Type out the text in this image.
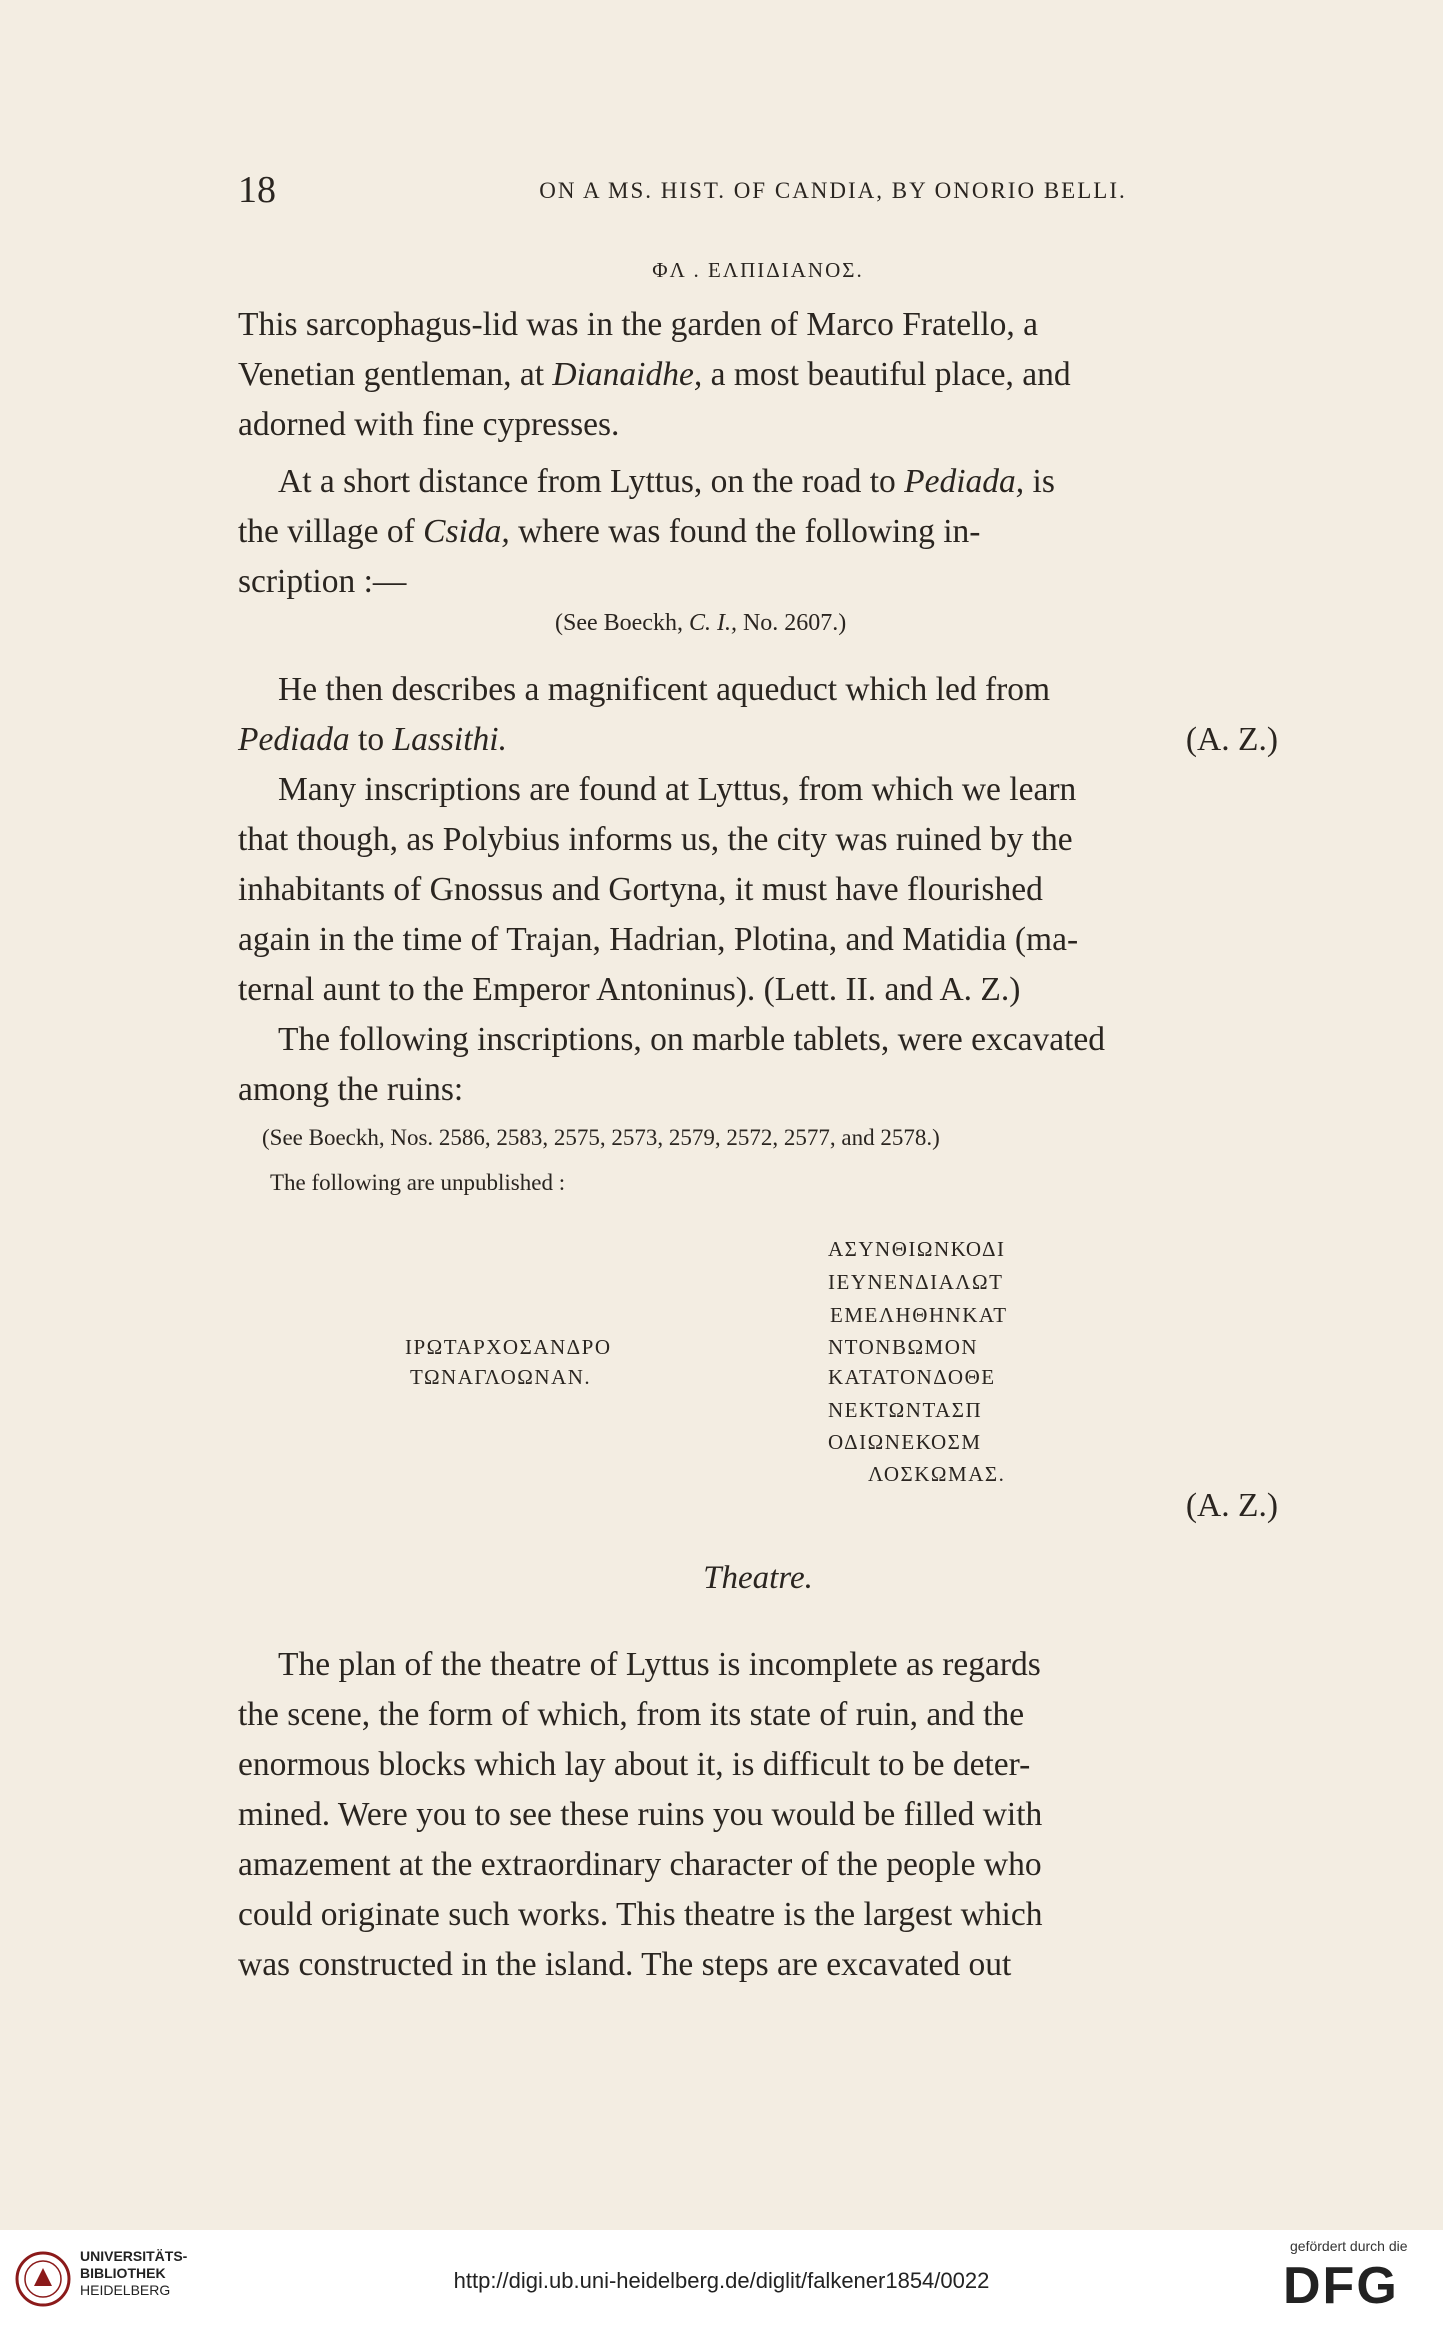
18	ON A MS. HIST. OF CANDIA, BY ONORIO BELLI.
ΦΛ . ΕΛΠΙΔΙΑΝΟΣ.
This sarcophagus-lid was in the garden of Marco Fratello, a
Venetian gentleman, at Dianaidhe, a most beautiful place, and
adorned with fine cypresses.
At a short distance from Lyttus, on the road to Pediada, is
the village of Csida, where was found the following in-
scription :—
(See Boeckh, C. I., No. 2607.)
He then describes a magnificent aqueduct which led from
Pediada to Lassithi.	(A. Z.)
Many inscriptions are found at Lyttus, from which we learn
that though, as Polybius informs us, the city was ruined by the
inhabitants of Gnossus and Gortyna, it must have flourished
again in the time of Trajan, Hadrian, Plotina, and Matidia (ma-
ternal aunt to the Emperor Antoninus). (Lett. II. and A. Z.)
The following inscriptions, on marble tablets, were excavated
among the ruins:
(See Boeckh, Nos. 2586, 2583, 2575, 2573, 2579, 2572, 2577, and 2578.)
The following are unpublished :
ΙΡΩΤΑΡΧΟΣΑΝΔΡΟ
ΤΩΝΑΓΛΟΩΝΑΝ.
ΑΣΥΝΘΙΩΝΚΟΔΙ
ΙΕΥΝΕΝΔΙΑΛΩΤ
ΕΜΕΛΗΘΗΝΚΑΤ
ΝΤΟΝΒΩΜΟΝ
ΚΑΤΑΤΟΝΔΟΘΕ
ΝΕΚΤΩΝΤΑΣΠ
ΟΔΙΩΝΕΚΟΣΜ
ΛΟΣΚΩΜΑΣ.
(A. Z.)
Theatre.
The plan of the theatre of Lyttus is incomplete as regards
the scene, the form of which, from its state of ruin, and the
enormous blocks which lay about it, is difficult to be deter-
mined. Were you to see these ruins you would be filled with
amazement at the extraordinary character of the people who
could originate such works. This theatre is the largest which
was constructed in the island. The steps are excavated out
UNIVERSITÄTS-
BIBLIOTHEK
HEIDELBERG	http://digi.ub.uni-heidelberg.de/diglit/falkener1854/0022
gefördert durch die
DFG
